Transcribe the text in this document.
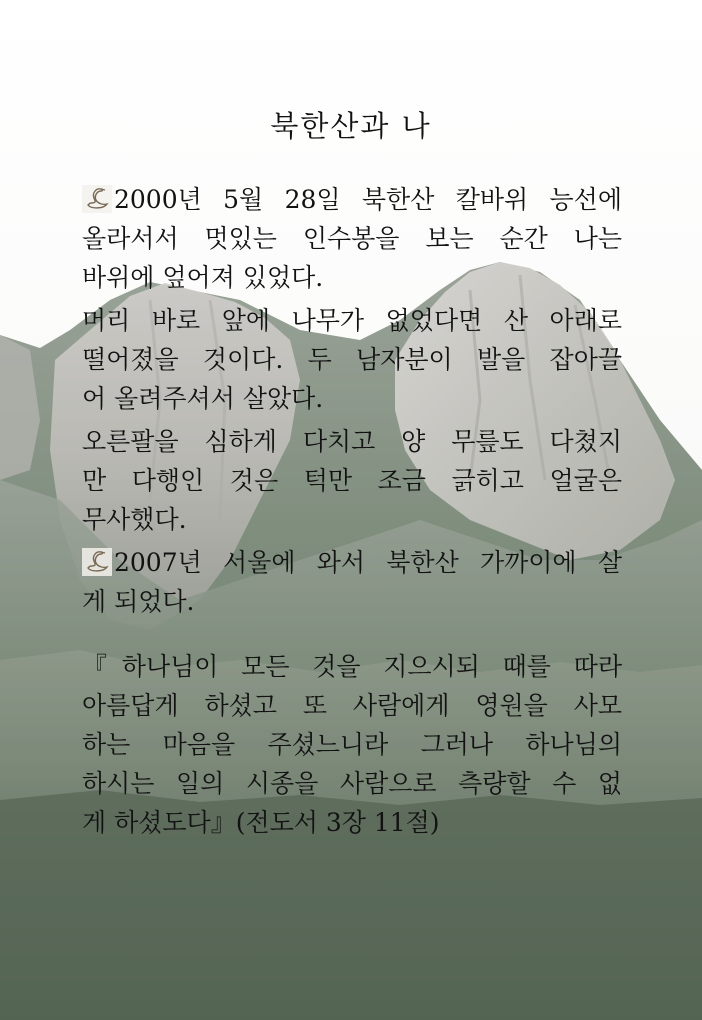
북한산과 나
2000년 5월 28일 북한산 칼바위 능선에
올라서서 멋있는 인수봉을 보는 순간 나는
바위에 엎어져 있었다.
머리 바로 앞에 나무가 없었다면 산 아래로
떨어졌을 것이다. 두 남자분이 발을 잡아끌
어 올려주셔서 살았다.
오른팔을 심하게 다치고 양 무릎도 다쳤지
만 다행인 것은 턱만 조금 긁히고 얼굴은
무사했다.
2007년 서울에 와서 북한산 가까이에 살
게 되었다.
『하나님이 모든 것을 지으시되 때를 따라
아름답게 하셨고 또 사람에게 영원을 사모
하는 마음을 주셨느니라 그러나 하나님의
하시는 일의 시종을 사람으로 측량할 수 없
게 하셨도다』(전도서 3장 11절)
